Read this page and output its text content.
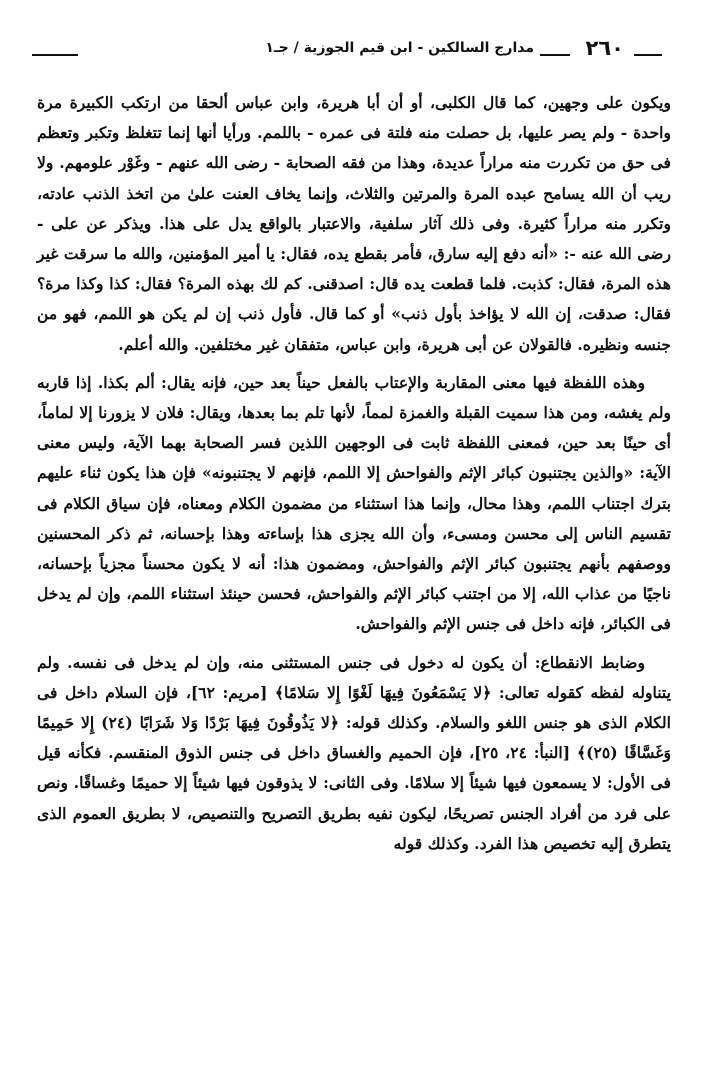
٢٦٠
مدارج السالكين - ابن قيم الجوزية / جـ١

ويكون على وجهين، كما قال الكلبى، أو أن أبا هريرة، وابن عباس ألحقا من ارتكب الكبيرة مرة واحدة - ولم يصر عليها، بل حصلت منه فلتة فى عمره - باللمم. ورأيا أنها إنما تتغلظ وتكبر وتعظم فى حق من تكررت منه مراراً عديدة، وهذا من فقه الصحابة - رضى الله عنهم - وغَوْر علومهم. ولا ريب أن الله يسامح عبده المرة والمرتين والثلاث، وإنما يخاف العنت علىٰ من اتخذ الذنب عادته، وتكرر منه مراراً كثيرة. وفى ذلك آثار سلفية، والاعتبار بالواقع يدل على هذا. ويذكر عن على - رضى الله عنه -: «أنه دفع إليه سارق، فأمر بقطع يده، فقال: يا أمير المؤمنين، والله ما سرقت غير هذه المرة، فقال: كذبت. فلما قطعت يده قال: اصدقنى. كم لك بهذه المرة؟ فقال: كذا وكذا مرة؟ فقال: صدقت، إن الله لا يؤاخذ بأول ذنب» أو كما قال. فأول ذنب إن لم يكن هو اللمم، فهو من جنسه ونظيره. فالقولان عن أبى هريرة، وابن عباس، متفقان غير مختلفين. والله أعلم.

وهذه اللفظة فيها معنى المقاربة والإعتاب بالفعل حيناً بعد حين، فإنه يقال: ألم بكذا. إذا قاربه ولم يغشه، ومن هذا سميت القبلة والغمزة لمماً، لأنها تلم بما بعدها، ويقال: فلان لا يزورنا إلا لماماً، أى حينًا بعد حين، فمعنى اللفظة ثابت فى الوجهين اللذين فسر الصحابة بهما الآية، وليس معنى الآية: «والذين يجتنبون كبائر الإثم والفواحش إلا اللمم، فإنهم لا يجتنبونه» فإن هذا يكون ثناء عليهم بترك اجتناب اللمم، وهذا محال، وإنما هذا استثناء من مضمون الكلام ومعناه، فإن سياق الكلام فى تقسيم الناس إلى محسن ومسىء، وأن الله يجزى هذا بإساءته وهذا بإحسانه، ثم ذكر المحسنين ووصفهم بأنهم يجتنبون كبائر الإثم والفواحش، ومضمون هذا: أنه لا يكون محسناً مجزياً بإحسانه، ناجيًا من عذاب الله، إلا من اجتنب كبائر الإثم والفواحش، فحسن حينئذ استثناء اللمم، وإن لم يدخل فى الكبائر، فإنه داخل فى جنس الإثم والفواحش.

وضابط الانقطاع: أن يكون له دخول فى جنس المستثنى منه، وإن لم يدخل فى نفسه. ولم يتناوله لفظه كقوله تعالى: ﴿لا يَسْمَعُونَ فِيهَا لَغْوًا إِلا سَلامًا﴾ [مريم: ٦٢]، فإن السلام داخل فى الكلام الذى هو جنس اللغو والسلام. وكذلك قوله: ﴿لا يَذُوقُونَ فِيهَا بَرْدًا وَلا شَرَابًا (٢٤) إِلا حَمِيمًا وَغَسَّاقًا (٢٥)﴾ [النبأ: ٢٤، ٢٥]، فإن الحميم والغساق داخل فى جنس الذوق المنقسم. فكأنه قيل فى الأول: لا يسمعون فيها شيئاً إلا سلامًا. وفى الثانى: لا يذوقون فيها شيئاً إلا حميمًا وغساقًا. ونص على فرد من أفراد الجنس تصريحًا، ليكون نفيه بطريق التصريح والتنصيص، لا بطريق العموم الذى يتطرق إليه تخصيص هذا الفرد. وكذلك قوله
